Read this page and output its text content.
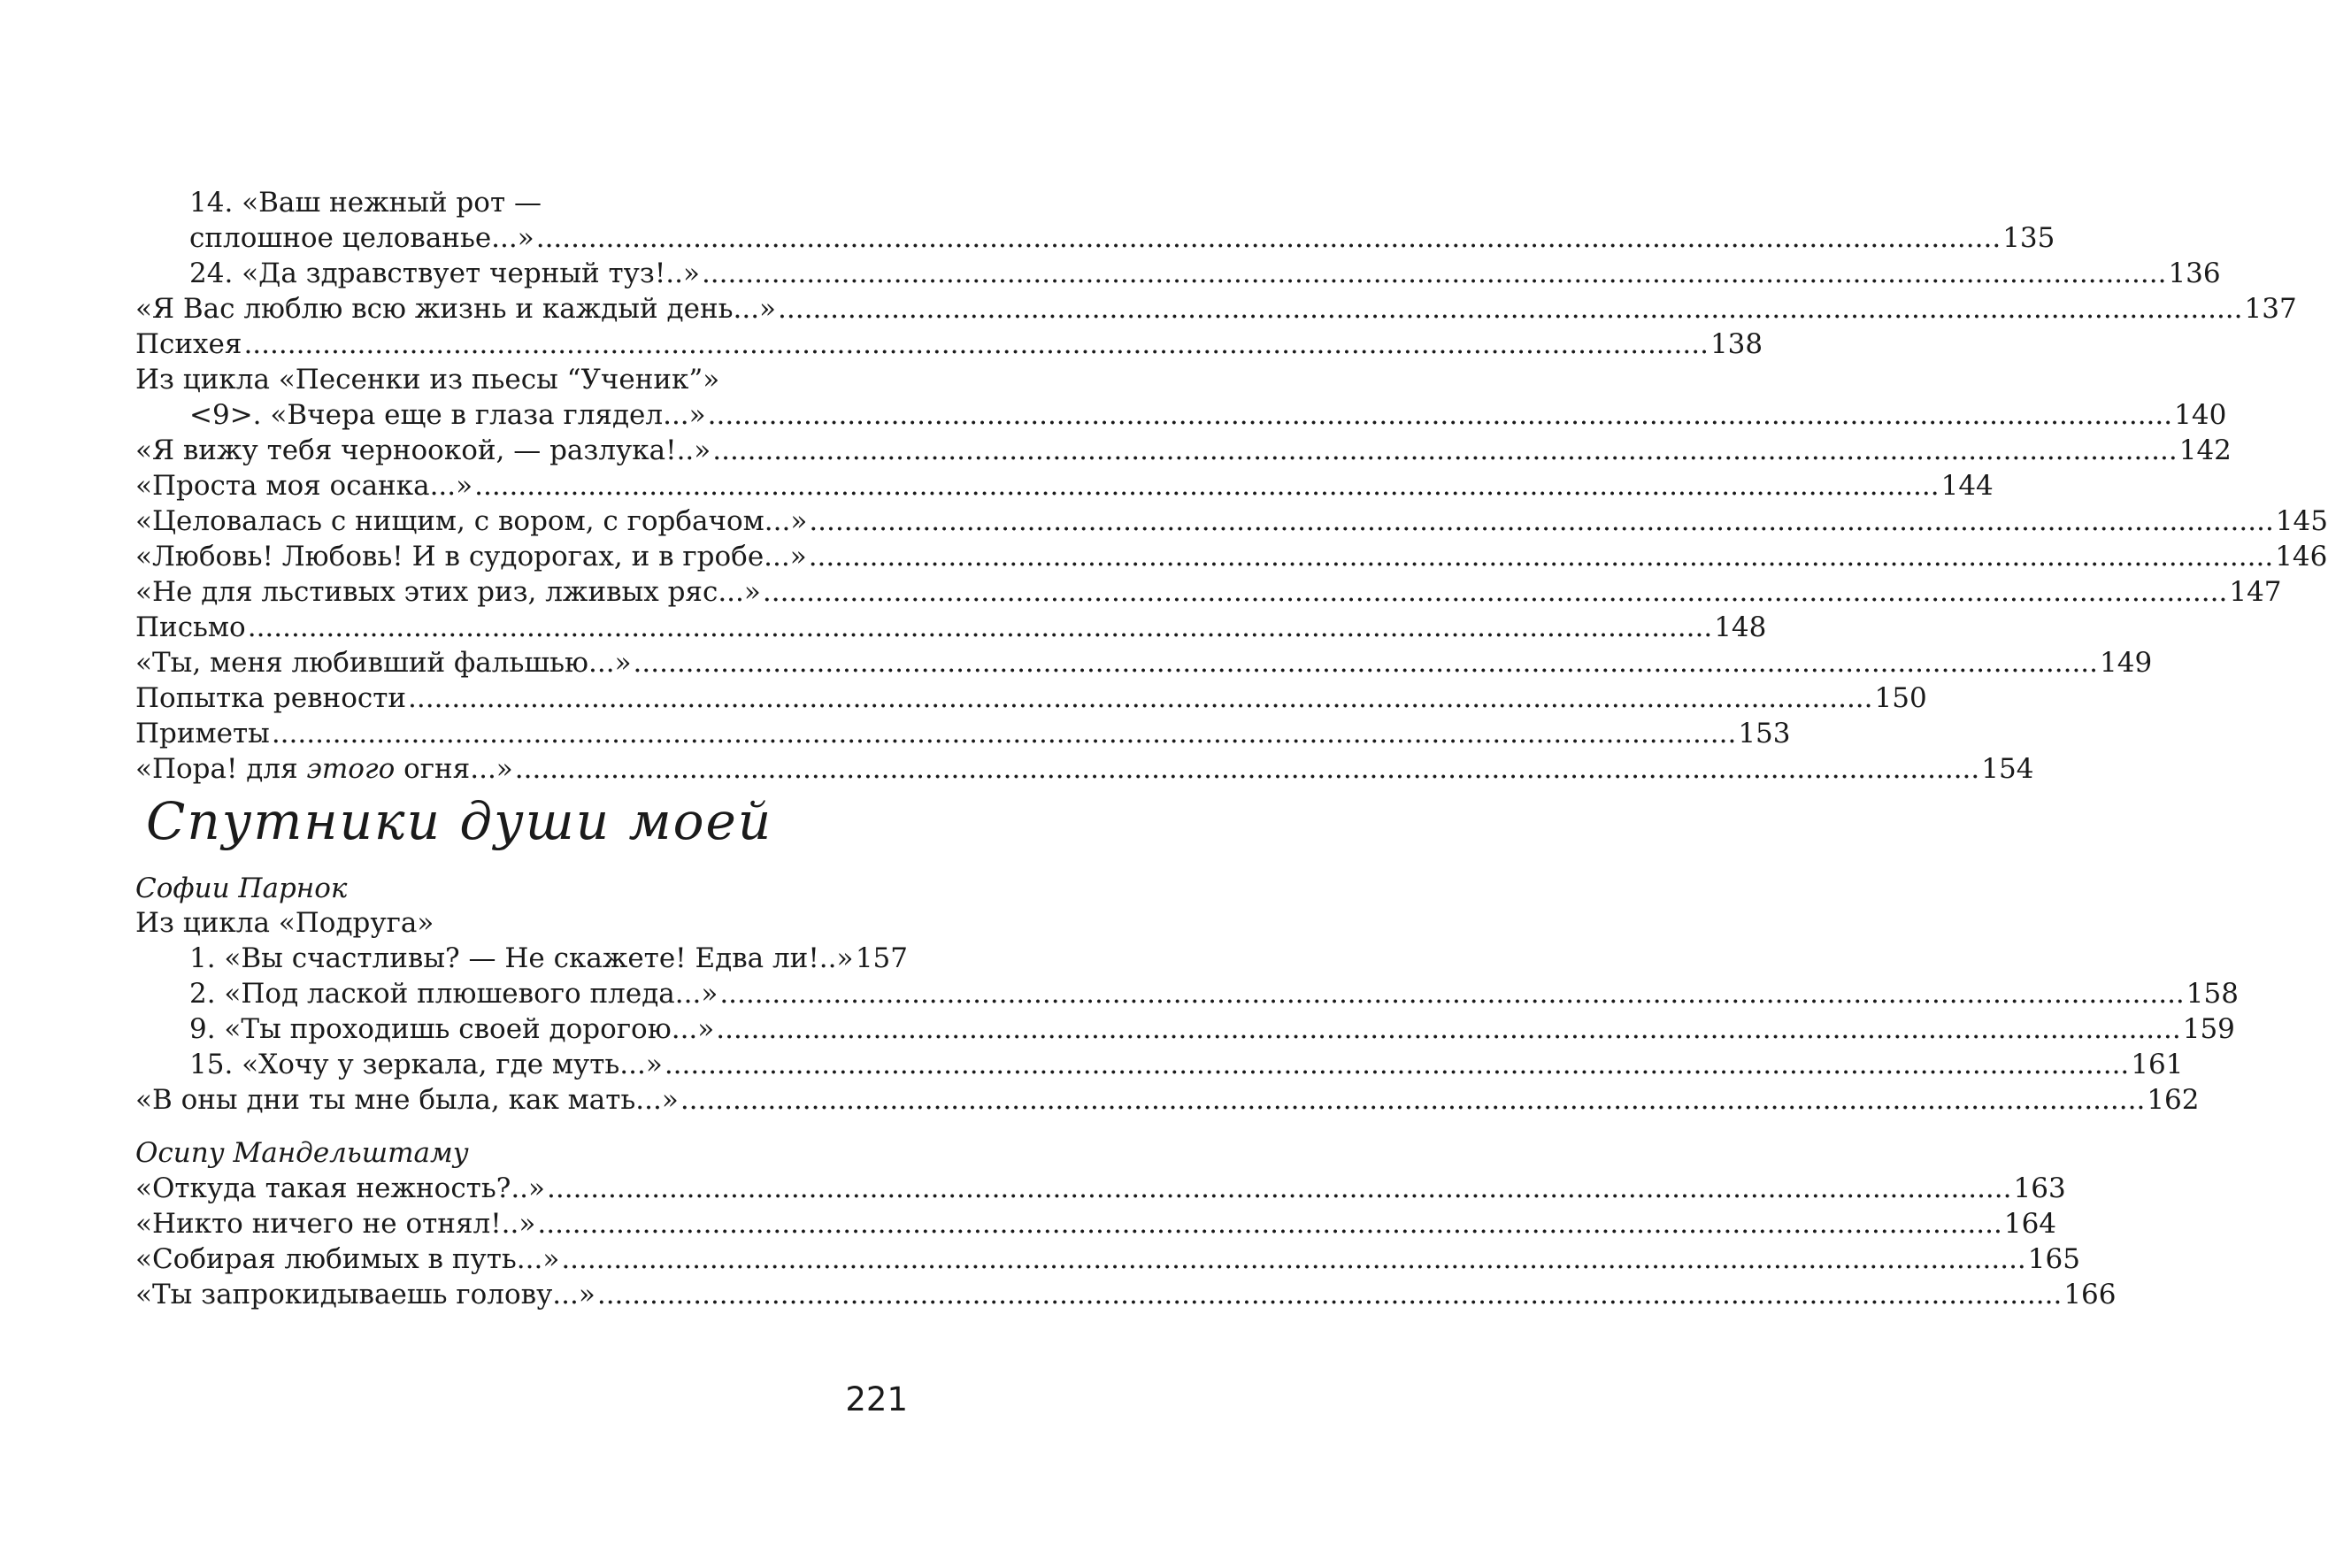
14. «Ваш нежный рот —
сплошное целованье...» .....	135
24. «Да здравствует черный туз!..» .....	136
«Я Вас люблю всю жизнь и каждый день...» .....	137
Психея .....	138
Из цикла «Песенки из пьесы “Ученик”»
<9>. «Вчера еще в глаза глядел...» .....	140
«Я вижу тебя черноокой, — разлука!..» .....	142
«Проста моя осанка...» .....	144
«Целовалась с нищим, с вором, с горбачом...» .....	145
«Любовь! Любовь! И в судорогах, и в гробе...» .....	146
«Не для льстивых этих риз, лживых ряс...» .....	147
Письмо .....	148
«Ты, меня любивший фальшью...» .....	149
Попытка ревности .....	150
Приметы .....	153
«Пора! для этого огня...» .....	154
Спутники души моей
Софии Парнок
Из цикла «Подруга»
1. «Вы счастливы? — Не скажете! Едва ли!..» 157
2. «Под лаской плюшевого пледа...» .....	158
9. «Ты проходишь своей дорогою...» .....	159
15. «Хочу у зеркала, где муть...» .....	161
«В оны дни ты мне была, как мать...» .....	162
Осипу Мандельштаму
«Откуда такая нежность?..» .....	163
«Никто ничего не отнял!..» .....	164
«Собирая любимых в путь...» .....	165
«Ты запрокидываешь голову...» .....	166
221
